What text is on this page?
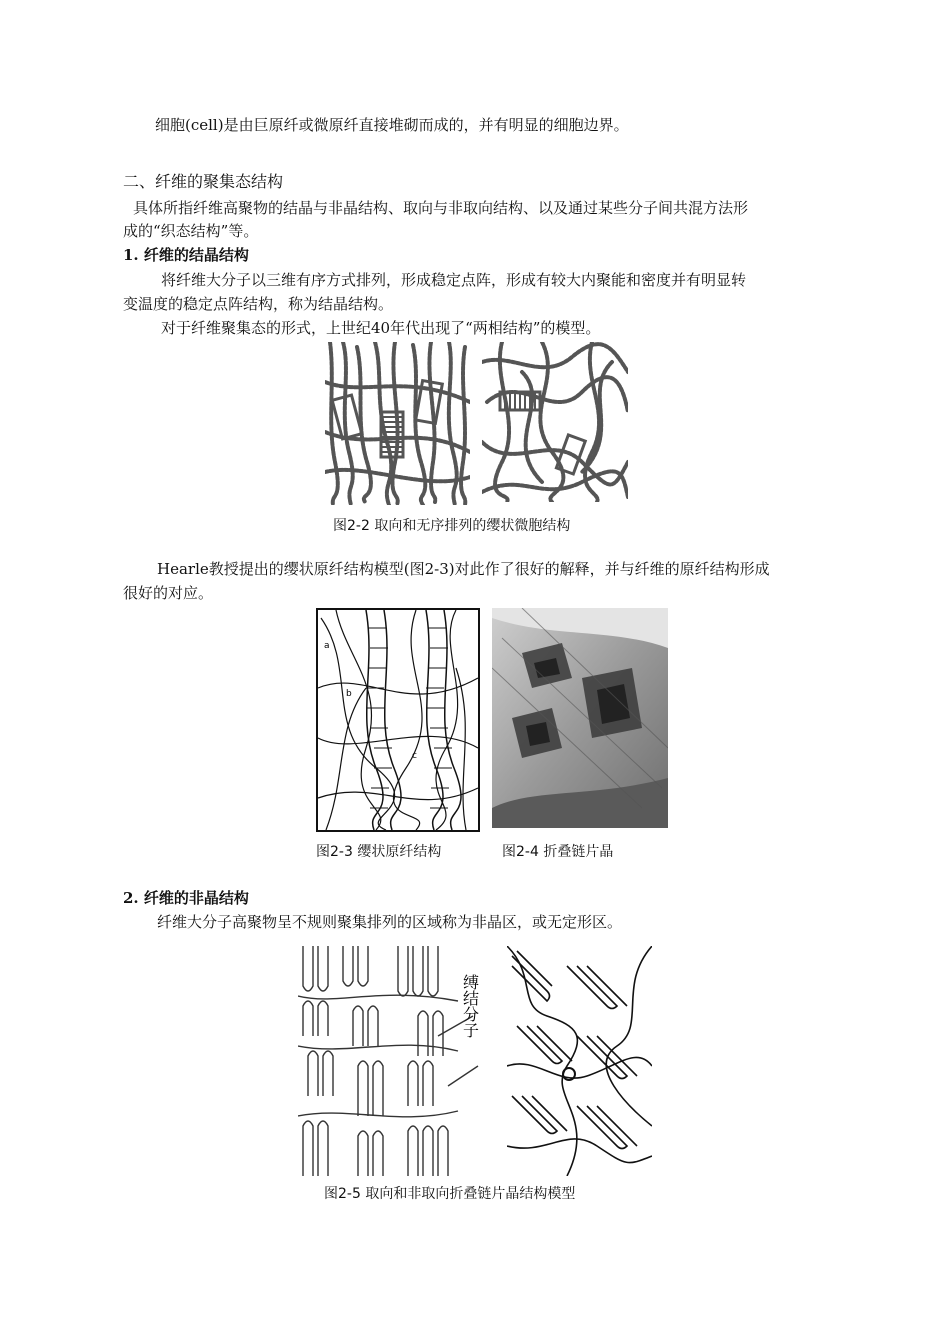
细胞(cell)是由巨原纤或微原纤直接堆砌而成的，并有明显的细胞边界。
二、纤维的聚集态结构
具体所指纤维高聚物的结晶与非晶结构、取向与非取向结构、以及通过某些分子间共混方法形
成的“织态结构”等。
1. 纤维的结晶结构
将纤维大分子以三维有序方式排列，形成稳定点阵，形成有较大内聚能和密度并有明显转
变温度的稳定点阵结构，称为结晶结构。
对于纤维聚集态的形式，上世纪40年代出现了“两相结构”的模型。
图2-2 取向和无序排列的缨状微胞结构
Hearle教授提出的缨状原纤结构模型(图2-3)对此作了很好的解释，并与纤维的原纤结构形成
很好的对应。
a
b
c
图2-3 缨状原纤结构	图2-4 折叠链片晶
2. 纤维的非晶结构
纤维大分子高聚物呈不规则聚集排列的区域称为非晶区，或无定形区。
缚结分子
图2-5 取向和非取向折叠链片晶结构模型
